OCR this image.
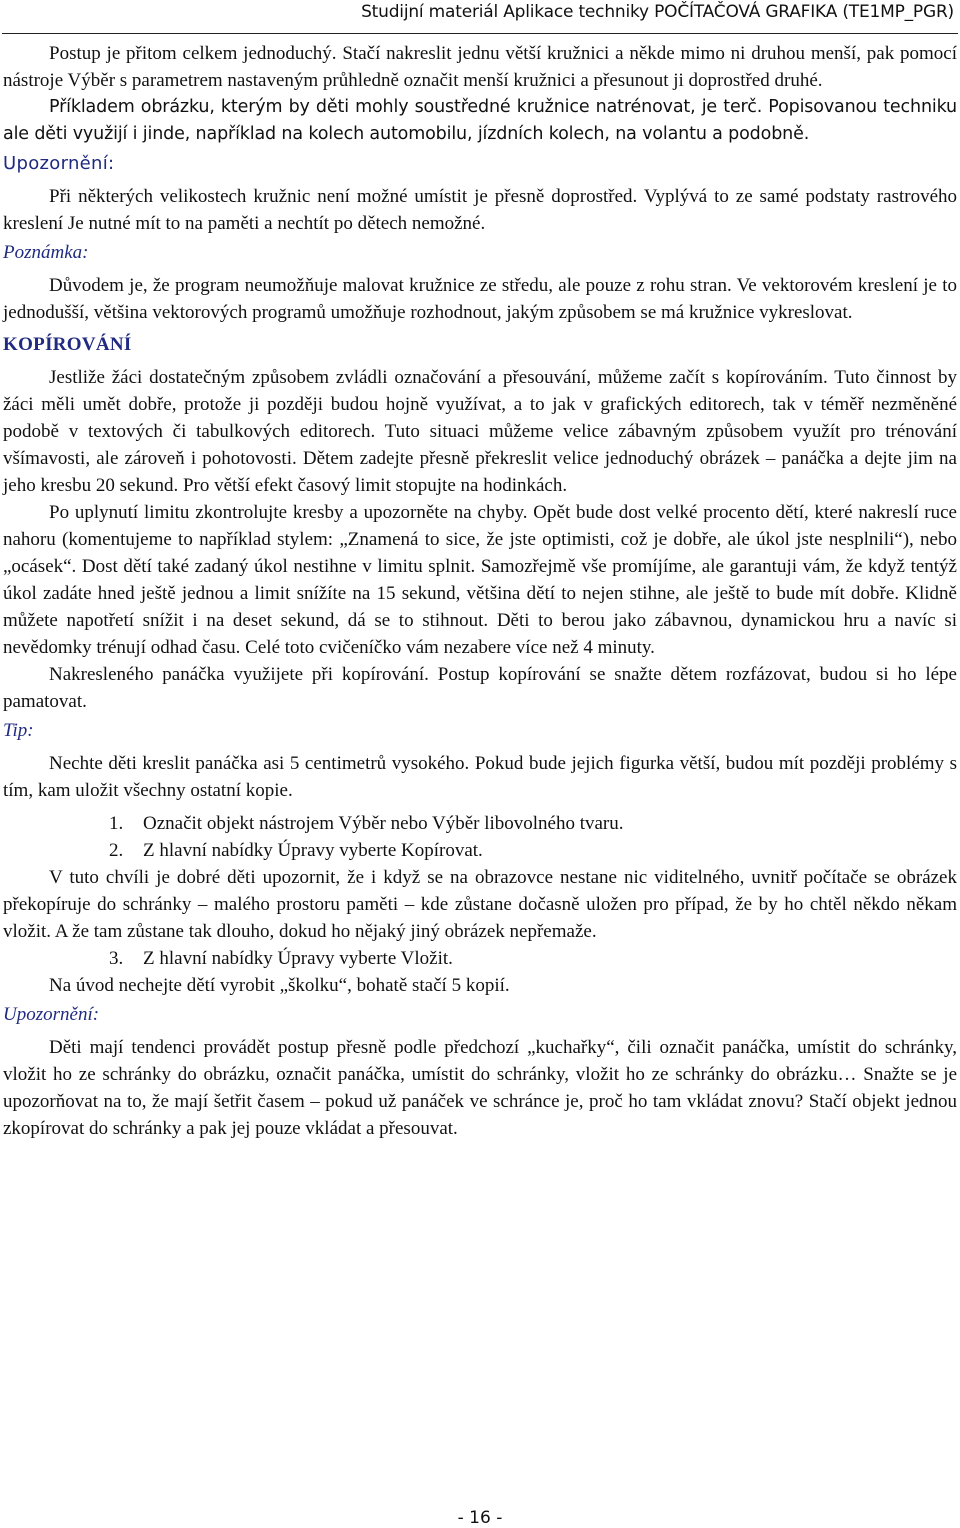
Studijní materiál Aplikace techniky POČÍTAČOVÁ GRAFIKA (TE1MP_PGR)

Postup je přitom celkem jednoduchý. Stačí nakreslit jednu větší kružnici a někde mimo ni druhou menší, pak pomocí nástroje Výběr s parametrem nastaveným průhledně označit menší kružnici a přesunout ji doprostřed druhé.

Příkladem obrázku, kterým by děti mohly soustředné kružnice natrénovat, je terč. Popisovanou techniku ale děti využijí i jinde, například na kolech automobilu, jízdních kolech, na volantu a podobně.

Upozornění:

Při některých velikostech kružnic není možné umístit je přesně doprostřed. Vyplývá to ze samé podstaty rastrového kreslení Je nutné mít to na paměti a nechtít po dětech nemožné.

Poznámka:

Důvodem je, že program neumožňuje malovat kružnice ze středu, ale pouze z rohu stran. Ve vektorovém kreslení je to jednodušší, většina vektorových programů umožňuje rozhodnout, jakým způsobem se má kružnice vykreslovat.

KOPÍROVÁNÍ

Jestliže žáci dostatečným způsobem zvládli označování a přesouvání, můžeme začít s kopírováním. Tuto činnost by žáci měli umět dobře, protože ji později budou hojně využívat, a to jak v grafických editorech, tak v téměř nezměněné podobě v textových či tabulkových editorech. Tuto situaci můžeme velice zábavným způsobem využít pro trénování všímavosti, ale zároveň i pohotovosti. Dětem zadejte přesně překreslit velice jednoduchý obrázek – panáčka a dejte jim na jeho kresbu 20 sekund. Pro větší efekt časový limit stopujte na hodinkách.

Po uplynutí limitu zkontrolujte kresby a upozorněte na chyby. Opět bude dost velké procento dětí, které nakreslí ruce nahoru (komentujeme to například stylem: „Znamená to sice, že jste optimisti, což je dobře, ale úkol jste nesplnili“), nebo „ocásek“. Dost dětí také zadaný úkol nestihne v limitu splnit. Samozřejmě vše promíjíme, ale garantuji vám, že když tentýž úkol zadáte hned ještě jednou a limit snížíte na 15 sekund, většina dětí to nejen stihne, ale ještě to bude mít dobře. Klidně můžete napotřetí snížit i na deset sekund, dá se to stihnout. Děti to berou jako zábavnou, dynamickou hru a navíc si nevědomky trénují odhad času. Celé toto cvičeníčko vám nezabere více než 4 minuty.

Nakresleného panáčka využijete při kopírování. Postup kopírování se snažte dětem rozfázovat, budou si ho lépe pamatovat.

Tip:

Nechte děti kreslit panáčka asi 5 centimetrů vysokého. Pokud bude jejich figurka větší, budou mít později problémy s tím, kam uložit všechny ostatní kopie.

1.	Označit objekt nástrojem Výběr nebo Výběr libovolného tvaru.
2.	Z hlavní nabídky Úpravy vyberte Kopírovat.

V tuto chvíli je dobré děti upozornit, že i když se na obrazovce nestane nic viditelného, uvnitř počítače se obrázek překopíruje do schránky – malého prostoru paměti – kde zůstane dočasně uložen pro případ, že by ho chtěl někdo někam vložit. A že tam zůstane tak dlouho, dokud ho nějaký jiný obrázek nepřemaže.

3.	Z hlavní nabídky Úpravy vyberte Vložit.

Na úvod nechejte dětí vyrobit „školku“, bohatě stačí 5 kopií.

Upozornění:

Děti mají tendenci provádět postup přesně podle předchozí „kuchařky“, čili označit panáčka, umístit do schránky, vložit ho ze schránky do obrázku, označit panáčka, umístit do schránky, vložit ho ze schránky do obrázku… Snažte se je upozorňovat na to, že mají šetřit časem – pokud už panáček ve schránce je, proč ho tam vkládat znovu? Stačí objekt jednou zkopírovat do schránky a pak jej pouze vkládat a přesouvat.

- 16 -
